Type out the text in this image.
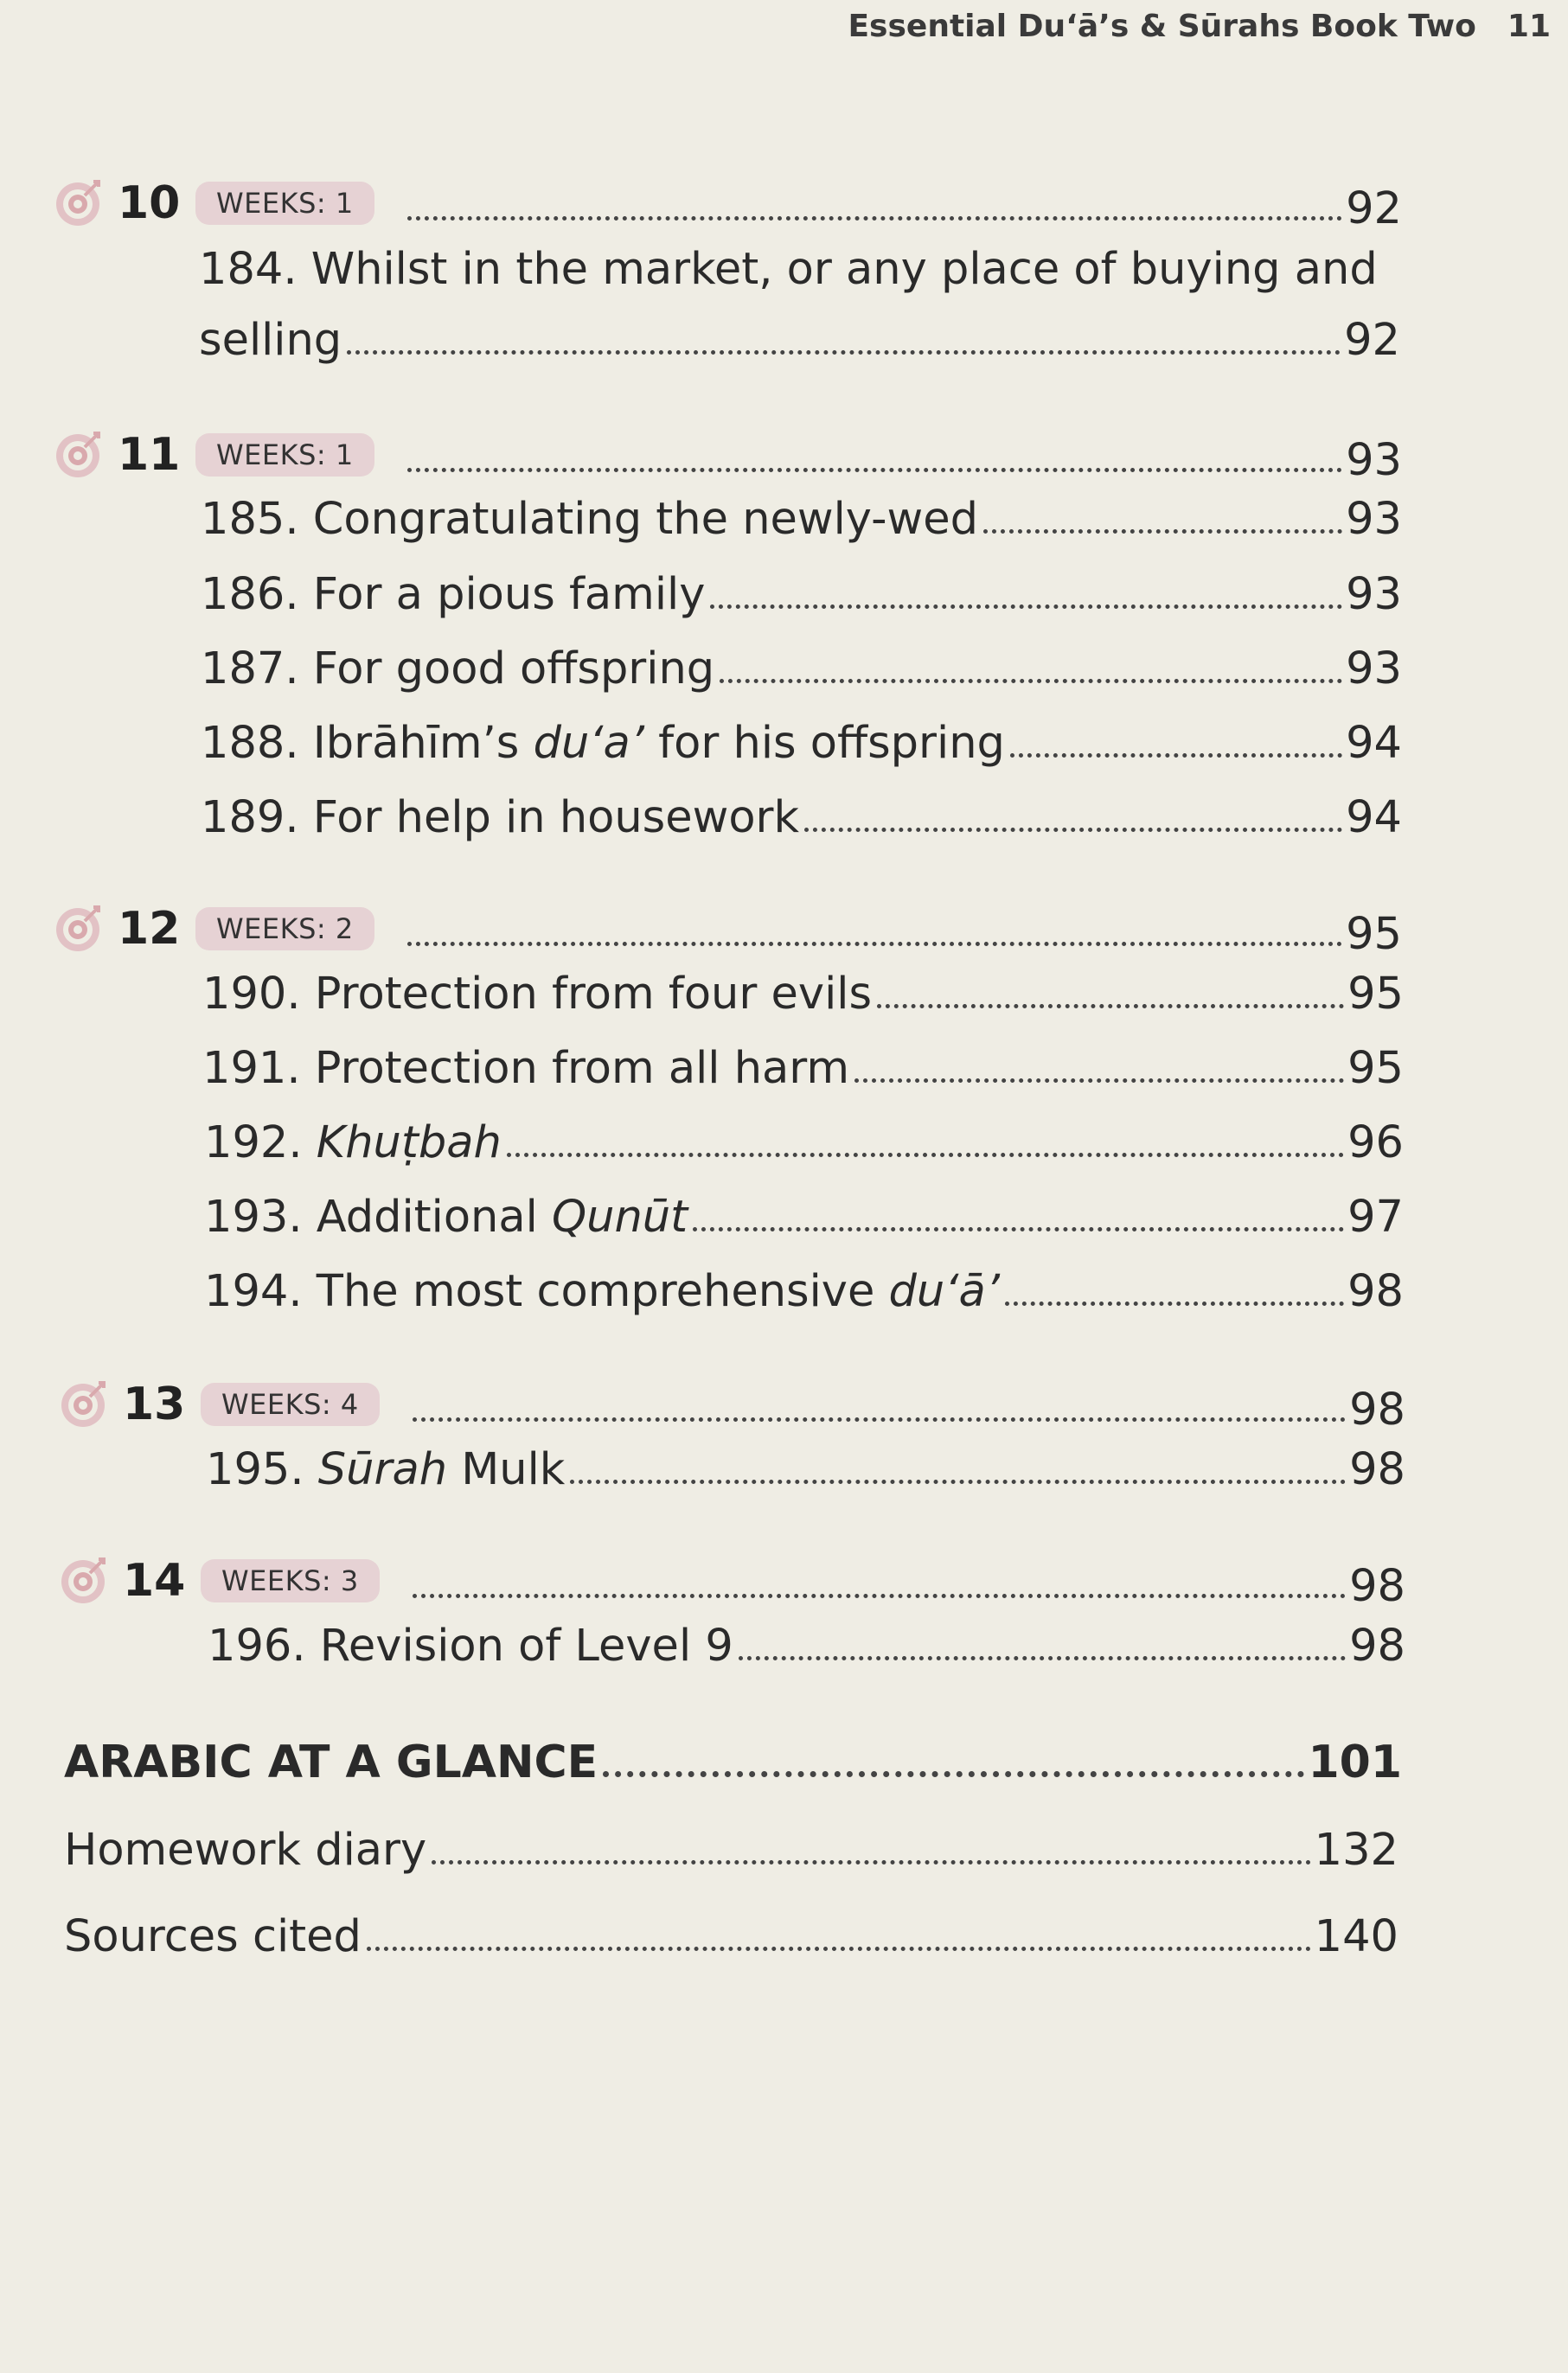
Essential Du‘ā’s & Sūrahs Book Two 11
10	WEEKS: 1	92
184. Whilst in the market, or any place of buying and
selling	92
11	WEEKS: 1	93
185. Congratulating the newly-wed	93
186. For a pious family	93
187. For good offspring	93
188. Ibrāhīm’s du‘a’ for his offspring	94
189. For help in housework	94
12	WEEKS: 2	95
190. Protection from four evils	95
191. Protection from all harm	95
192. Khuṭbah	96
193. Additional Qunūt	97
194. The most comprehensive du‘ā’	98
13	WEEKS: 4	98
195. Sūrah Mulk	98
14	WEEKS: 3	98
196. Revision of Level 9	98
ARABIC AT A GLANCE	101
Homework diary	132
Sources cited	140
